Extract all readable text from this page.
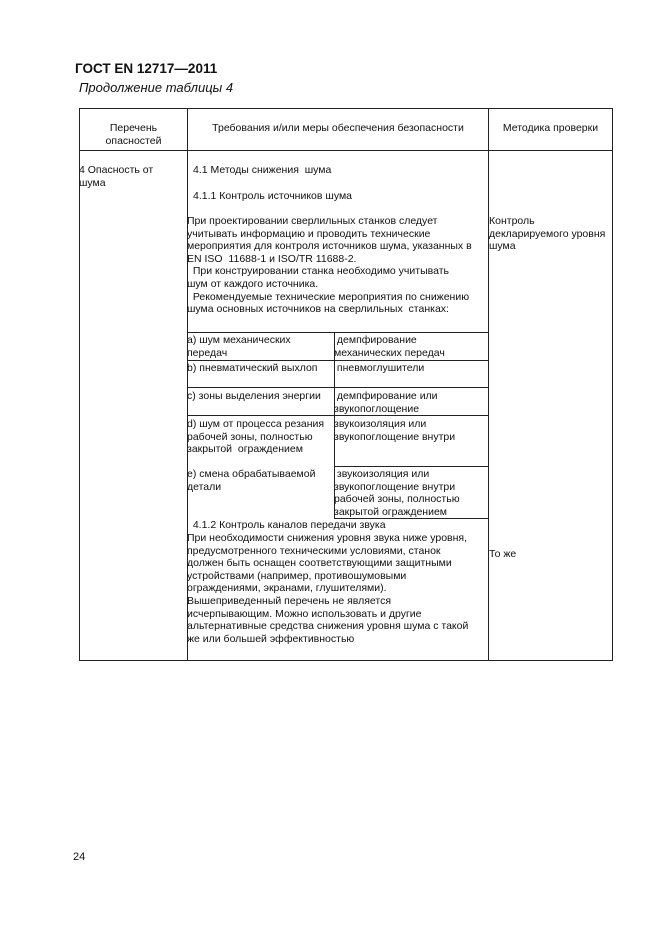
ГОСТ EN 12717—2011
Продолжение таблицы 4
Перечень
опасностей
Требования и/или меры обеспечения безопасности	Методика проверки
4 Опасность от
шума
4.1 Методы снижения  шума
4.1.1 Контроль источников шума
При проектировании сверлильных станков следует
учитывать информацию и проводить технические
мероприятия для контроля источников шума, указанных в
EN ISO  11688-1 и ISO/TR 11688-2.
При конструировании станка необходимо учитывать
шум от каждого источника.
Рекомендуемые технические мероприятия по снижению
шума основных источников на сверлильных  станках:
a) шум механических
передач
демпфирование
механических передач
b) пневматический выхлоп пневмоглушители
c) зоны выделения энергии демпфирование или
звукопоглощение
d) шум от процесса резания
рабочей зоны, полностью
закрытой  ограждением
звукоизоляция или
звукопоглощение внутри
e) смена обрабатываемой
детали
звукоизоляция или
звукопоглощение внутри
рабочей зоны, полностью
закрытой ограждением
4.1.2 Контроль каналов передачи звука
При необходимости снижения уровня звука ниже уровня,
предусмотренного техническими условиями, станок
должен быть оснащен соответствующими защитными
устройствами (например, противошумовыми
ограждениями, экранами, глушителями).
Вышеприведенный перечень не является
исчерпывающим. Можно использовать и другие
альтернативные средства снижения уровня шума с такой
же или большей эффективностью
Контроль
декларируемого уровня
шума
То же
24
